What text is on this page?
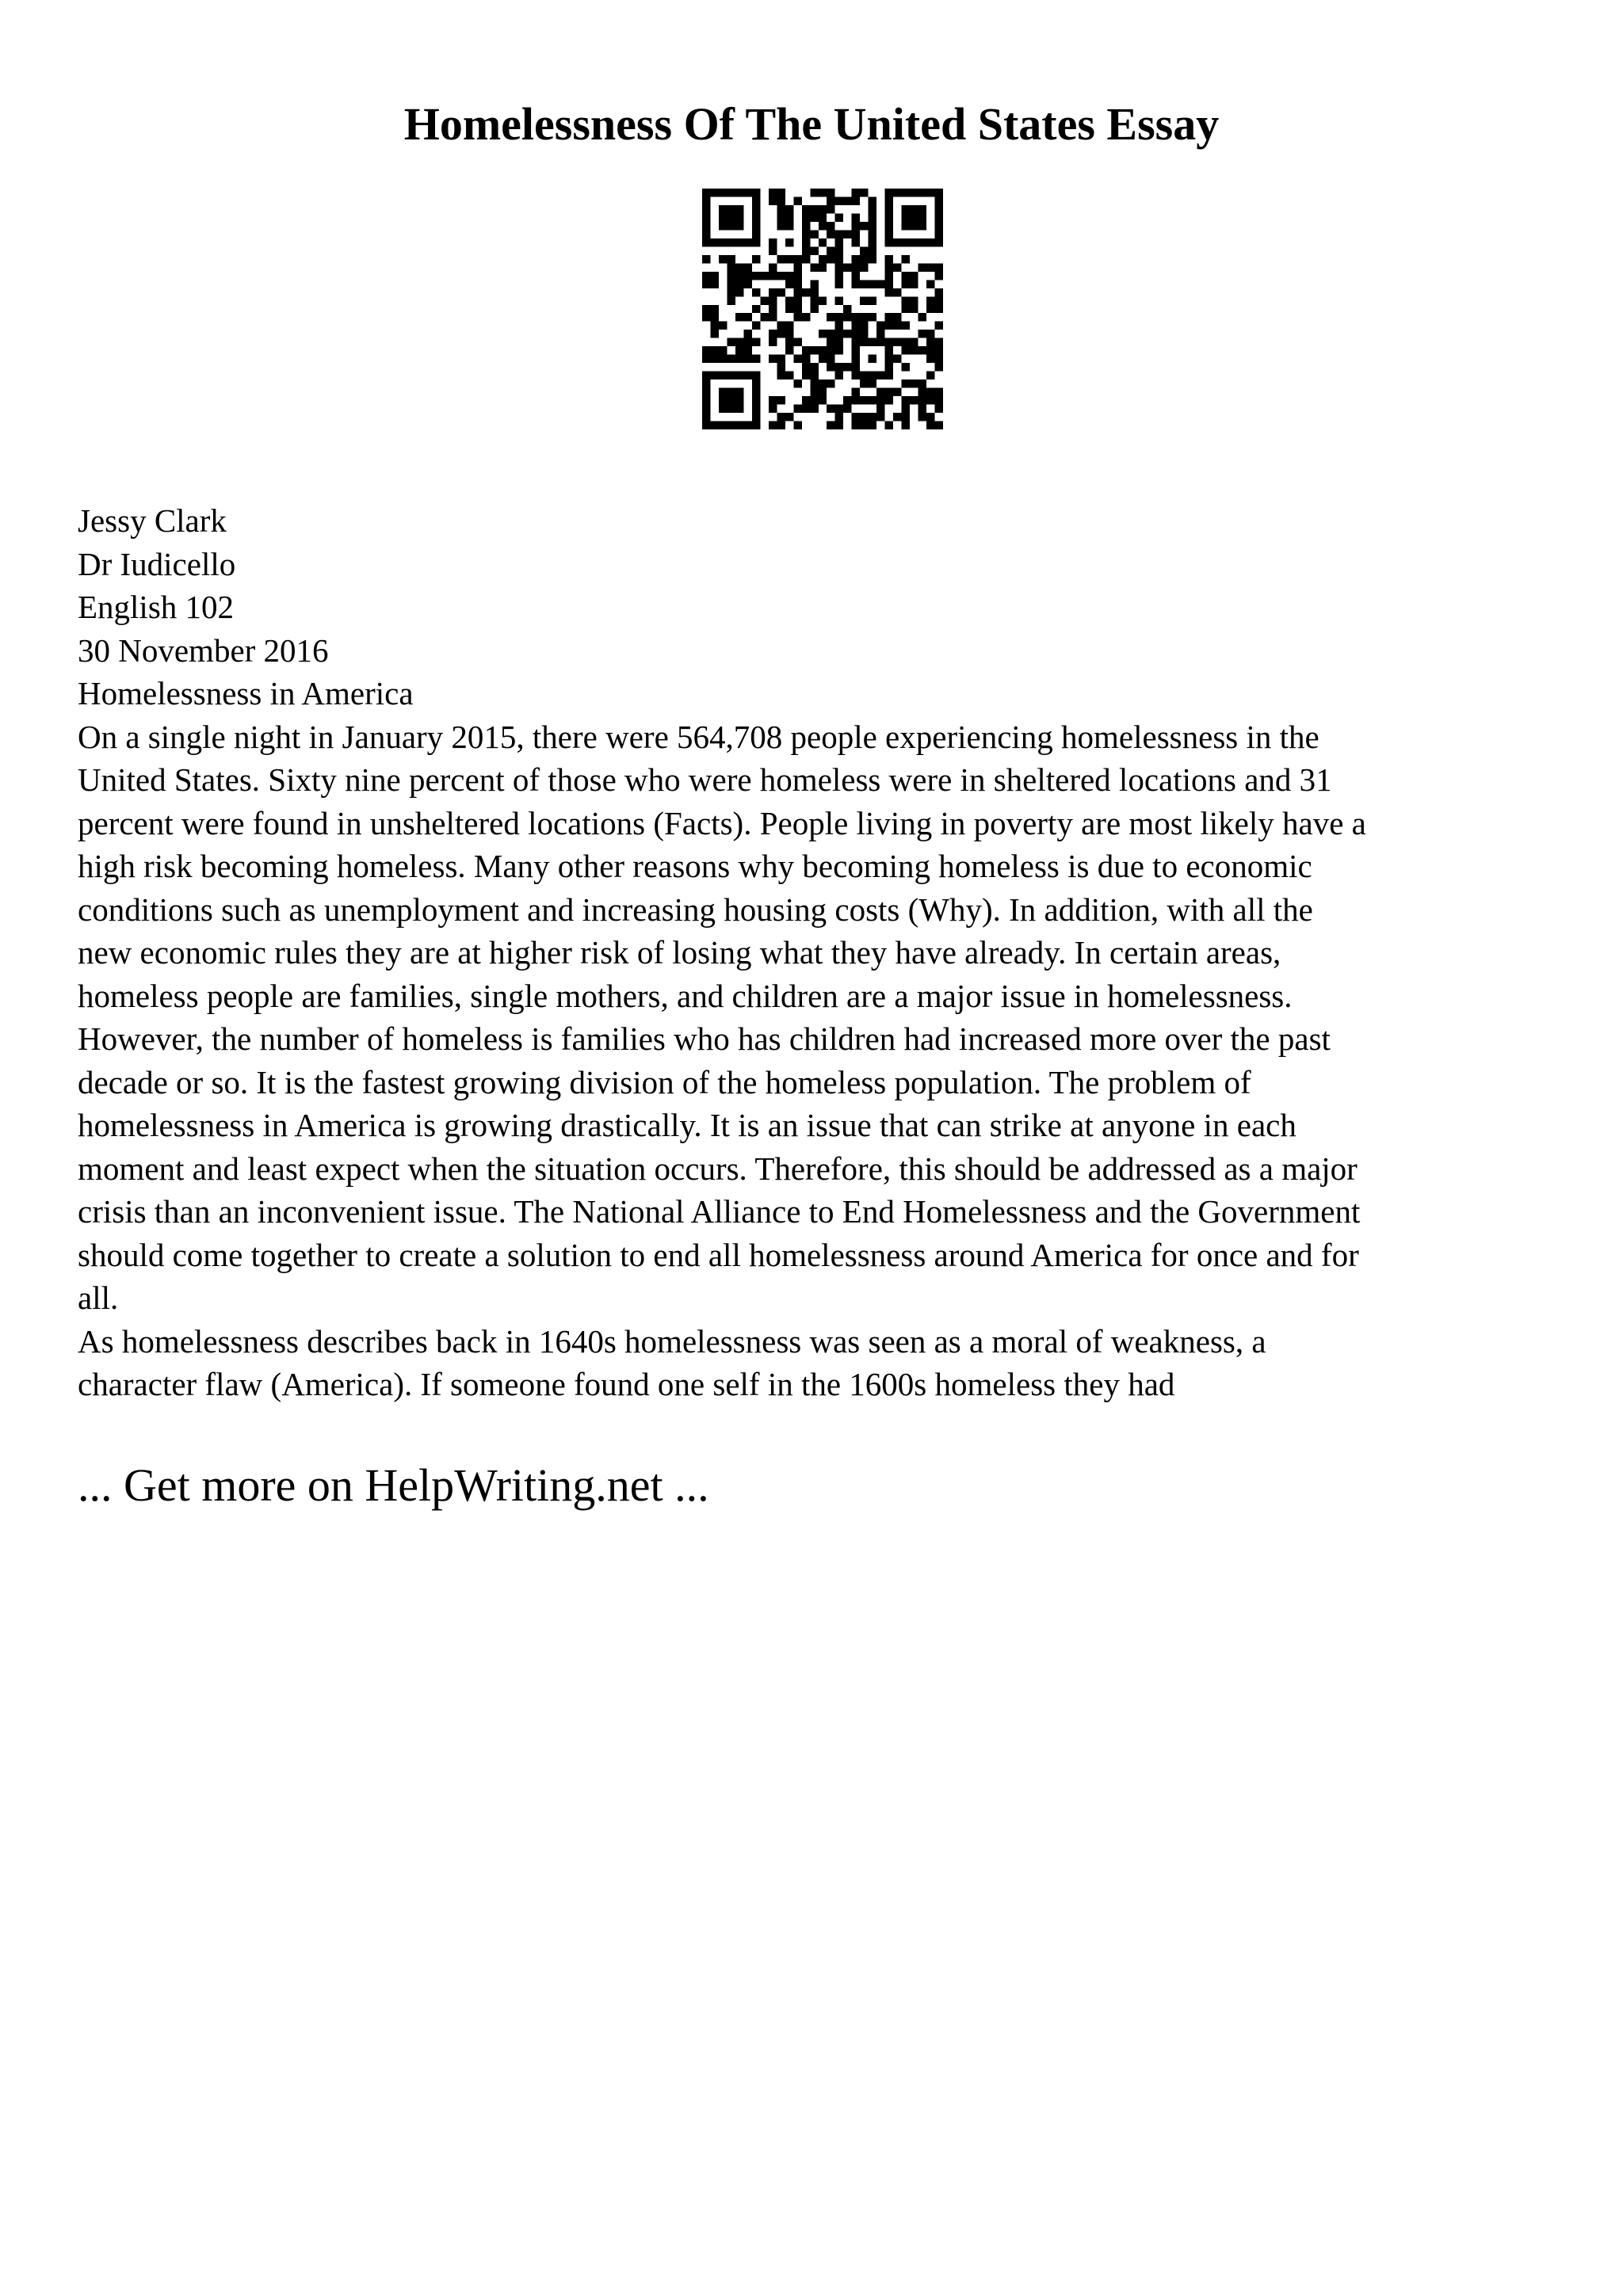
Homelessness Of The United States Essay
Jessy Clark
Dr Iudicello
English 102
30 November 2016
Homelessness in America
On a single night in January 2015, there were 564,708 people experiencing homelessness in the
United States. Sixty nine percent of those who were homeless were in sheltered locations and 31
percent were found in unsheltered locations (Facts). People living in poverty are most likely have a
high risk becoming homeless. Many other reasons why becoming homeless is due to economic
conditions such as unemployment and increasing housing costs (Why). In addition, with all the
new economic rules they are at higher risk of losing what they have already. In certain areas,
homeless people are families, single mothers, and children are a major issue in homelessness.
However, the number of homeless is families who has children had increased more over the past
decade or so. It is the fastest growing division of the homeless population. The problem of
homelessness in America is growing drastically. It is an issue that can strike at anyone in each
moment and least expect when the situation occurs. Therefore, this should be addressed as a major
crisis than an inconvenient issue. The National Alliance to End Homelessness and the Government
should come together to create a solution to end all homelessness around America for once and for
all.
As homelessness describes back in 1640s homelessness was seen as a moral of weakness, a
character flaw (America). If someone found one self in the 1600s homeless they had

... Get more on HelpWriting.net ...
